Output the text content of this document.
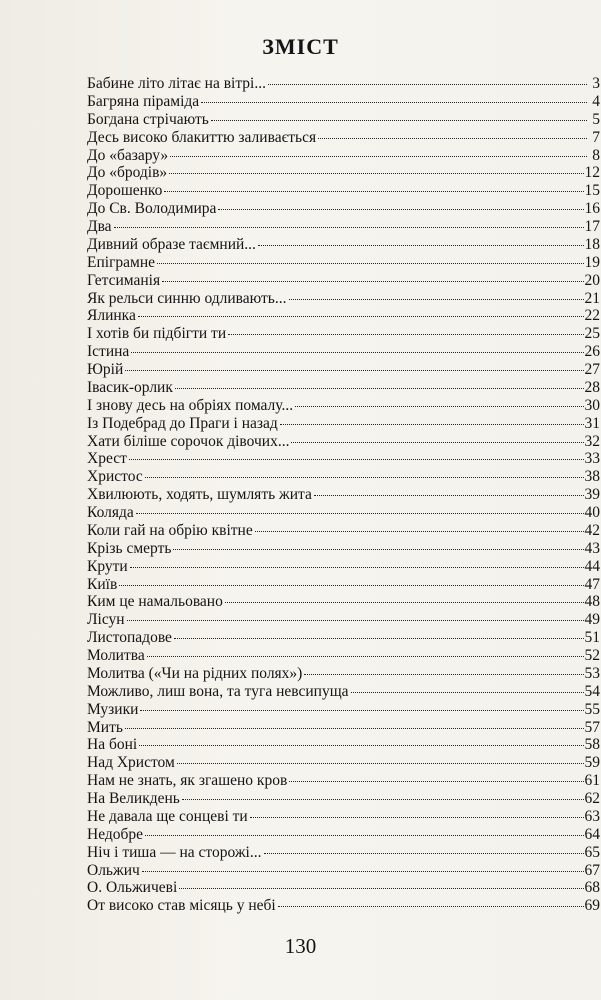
ЗМІСТ
Бабине літо літає на вітрі...	3
Багряна піраміда	4
Богдана стрічають	5
Десь високо блакиттю заливається	7
До «базару»	8
До «бродів»	12
Дорошенко	15
До Св. Володимира	16
Два	17
Дивний образе таємний...	18
Епіграмне	19
Гетсиманія	20
Як рельси синню одливають...	21
Ялинка	22
І хотів би підбігти ти	25
Істина	26
Юрій	27
Івасик-орлик	28
І знову десь на обріях помалу...	30
Із Подебрад до Праги і назад	31
Хати біліше сорочок дівочих...	32
Хрест	33
Христос	38
Хвилюють, ходять, шумлять жита	39
Коляда	40
Коли гай на обрію квітне	42
Крізь смерть	43
Крути	44
Київ	47
Ким це намальовано	48
Лісун	49
Листопадове	51
Молитва	52
Молитва («Чи на рідних полях»)	53
Можливо, лиш вона, та туга невсипуща	54
Музики	55
Мить	57
На боні	58
Над Христом	59
Нам не знать, як згашено кров	61
На Великдень	62
Не давала ще сонцеві ти	63
Недобре	64
Ніч і тиша — на сторожі...	65
Ольжич	67
О. Ольжичеві	68
От високо став місяць у небі	69
130
